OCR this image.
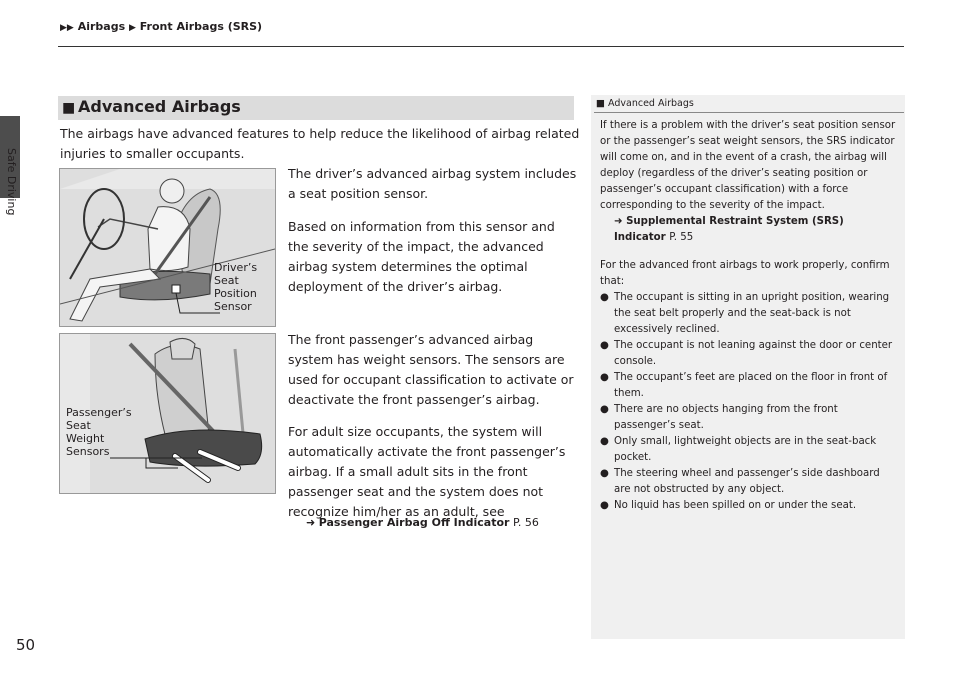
▶▶ Airbags ▶ Front Airbags (SRS)
Safe Driving
■ Advanced Airbags
The airbags have advanced features to help reduce the likelihood of airbag related injuries to smaller occupants.
Driver’s
Seat
Position
Sensor
Passenger’s
Seat
Weight
Sensors
The driver’s advanced airbag system includes a seat position sensor.
Based on information from this sensor and the severity of the impact, the advanced airbag system determines the optimal deployment of the driver’s airbag.
The front passenger’s advanced airbag system has weight sensors. The sensors are used for occupant classification to activate or deactivate the front passenger’s airbag.
For adult size occupants, the system will automatically activate the front passenger’s airbag. If a small adult sits in the front passenger seat and the system does not recognize him/her as an adult, see
➜ Passenger Airbag Off Indicator P. 56
■ Advanced Airbags

If there is a problem with the driver’s seat position sensor or the passenger’s seat weight sensors, the SRS indicator will come on, and in the event of a crash, the airbag will deploy (regardless of the driver’s seating position or passenger’s occupant classification) with a force corresponding to the severity of the impact.

➜ Supplemental Restraint System (SRS)
Indicator P. 55

For the advanced front airbags to work properly, confirm that:

● The occupant is sitting in an upright position, wearing the seat belt properly and the seat-back is not excessively reclined.

● The occupant is not leaning against the door or center console.

● The occupant’s feet are placed on the floor in front of them.

● There are no objects hanging from the front passenger’s seat.

● Only small, lightweight objects are in the seat-back pocket.

● The steering wheel and passenger’s side dashboard are not obstructed by any object.

● No liquid has been spilled on or under the seat.

50
